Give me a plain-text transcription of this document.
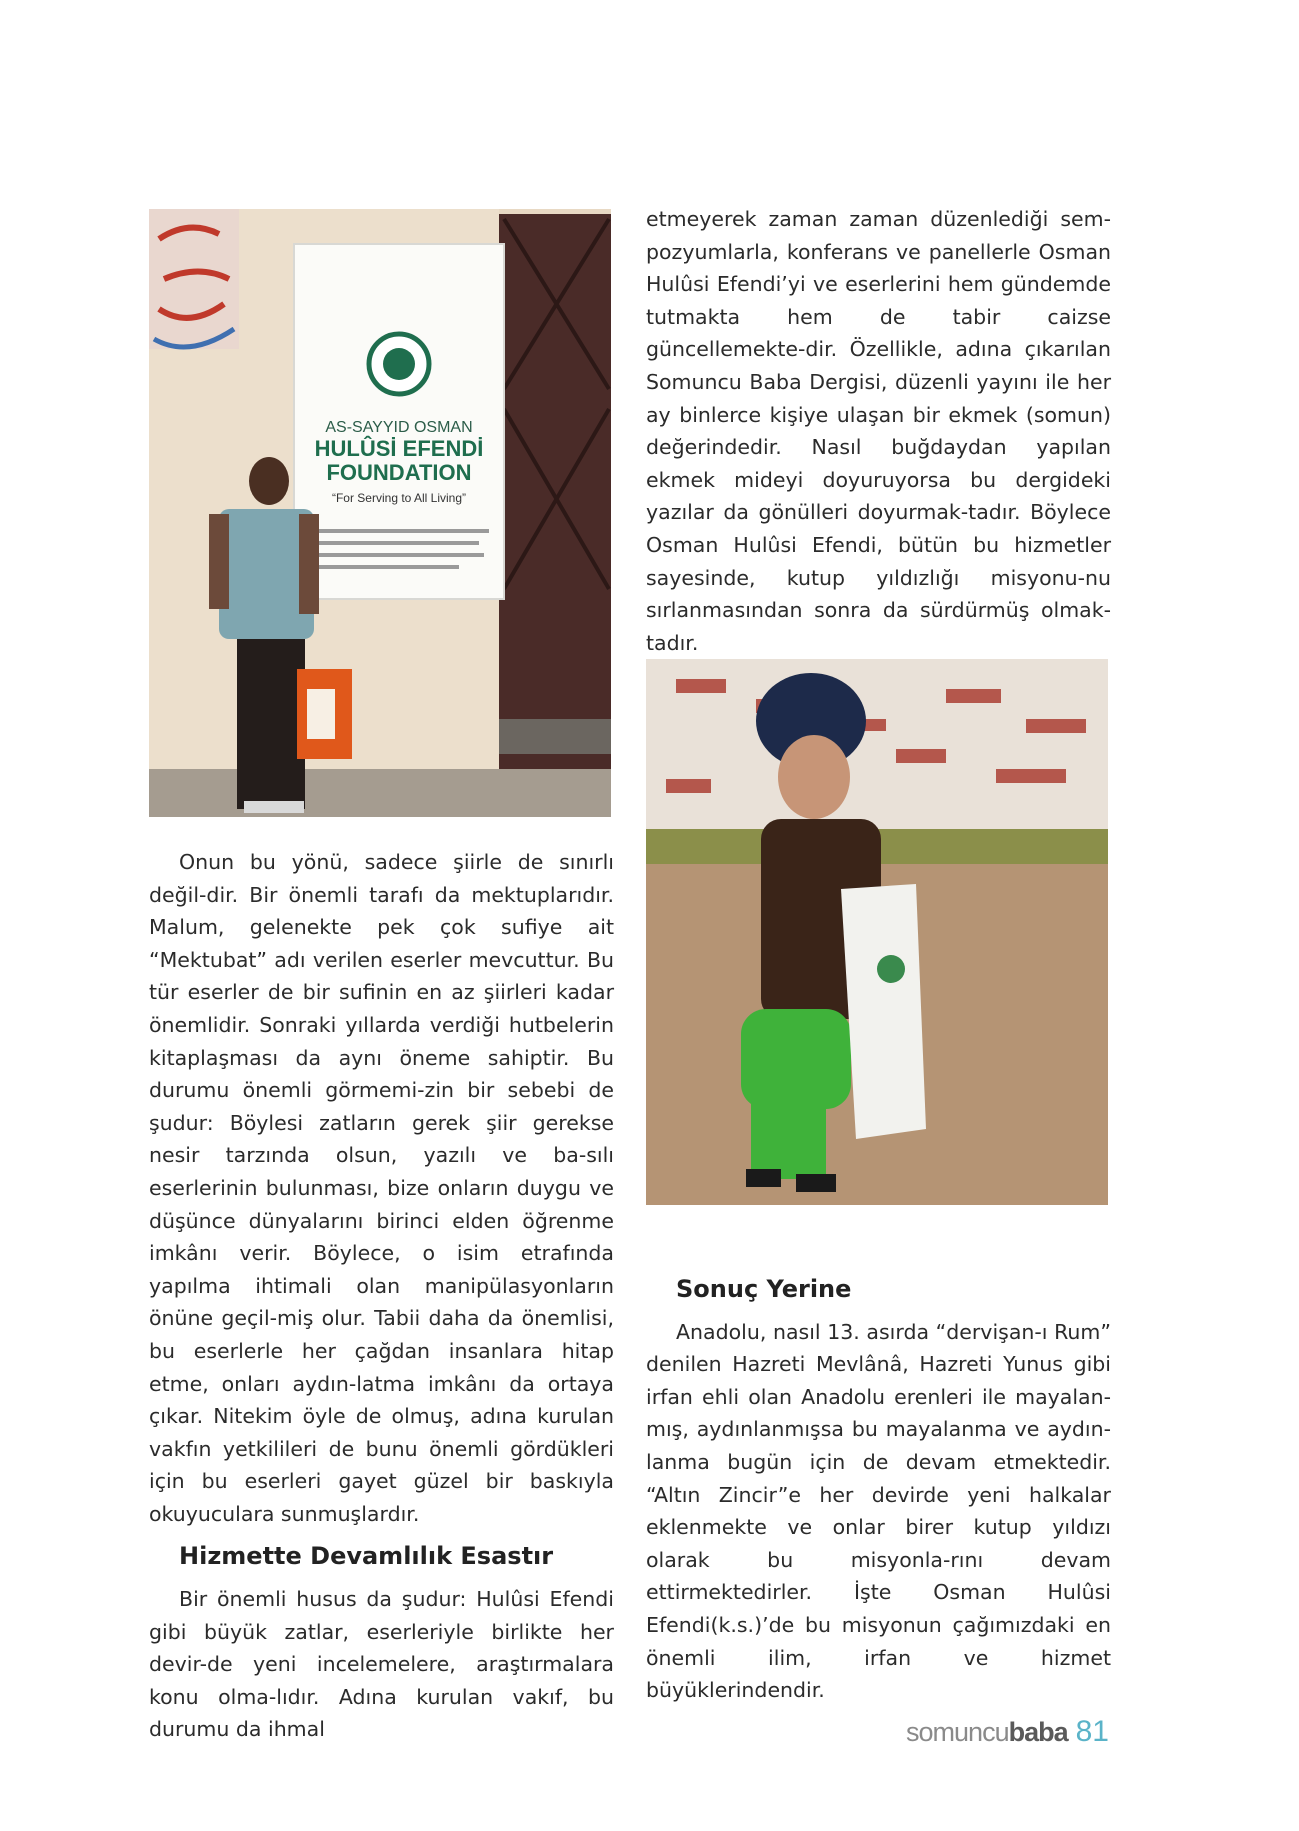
AS-SAYYID OSMAN
HULÛSİ EFENDİ
FOUNDATION
“For Serving to All Living”

etmeyerek zaman zaman düzenlediği sem-pozyumlarla, konferans ve panellerle Osman Hulûsi Efendi’yi ve eserlerini hem gündemde tutmakta hem de tabir caizse güncellemekte-dir. Özellikle, adına çıkarılan Somuncu Baba Dergisi, düzenli yayını ile her ay binlerce kişiye ulaşan bir ekmek (somun) değerindedir. Nasıl buğdaydan yapılan ekmek mideyi doyuruyorsa bu dergideki yazılar da gönülleri doyurmak-tadır. Böylece Osman Hulûsi Efendi, bütün bu hizmetler sayesinde, kutup yıldızlığı misyonu-nu sırlanmasından sonra da sürdürmüş olmak-tadır.

Onun bu yönü, sadece şiirle de sınırlı değil-dir. Bir önemli tarafı da mektuplarıdır. Malum, gelenekte pek çok sufiye ait “Mektubat” adı verilen eserler mevcuttur. Bu tür eserler de bir sufinin en az şiirleri kadar önemlidir. Sonraki yıllarda verdiği hutbelerin kitaplaşması da aynı öneme sahiptir. Bu durumu önemli görmemi-zin bir sebebi de şudur: Böylesi zatların gerek şiir gerekse nesir tarzında olsun, yazılı ve ba-sılı eserlerinin bulunması, bize onların duygu ve düşünce dünyalarını birinci elden öğrenme imkânı verir. Böylece, o isim etrafında yapılma ihtimali olan manipülasyonların önüne geçil-miş olur. Tabii daha da önemlisi, bu eserlerle her çağdan insanlara hitap etme, onları aydın-latma imkânı da ortaya çıkar. Nitekim öyle de olmuş, adına kurulan vakfın yetkilileri de bunu önemli gördükleri için bu eserleri gayet güzel bir baskıyla okuyuculara sunmuşlardır.

Hizmette Devamlılık Esastır

Bir önemli husus da şudur: Hulûsi Efendi gibi büyük zatlar, eserleriyle birlikte her devir-de yeni incelemelere, araştırmalara konu olma-lıdır. Adına kurulan vakıf, bu durumu da ihmal

Sonuç Yerine

Anadolu, nasıl 13. asırda “dervişan-ı Rum” denilen Hazreti Mevlânâ, Hazreti Yunus gibi irfan ehli olan Anadolu erenleri ile mayalan-mış, aydınlanmışsa bu mayalanma ve aydın-lanma bugün için de devam etmektedir. “Altın Zincir”e her devirde yeni halkalar eklenmekte ve onlar birer kutup yıldızı olarak bu misyonla-rını devam ettirmektedirler. İşte Osman Hulûsi Efendi(k.s.)’de bu misyonun çağımızdaki en önemli ilim, irfan ve hizmet büyüklerindendir.

somuncubaba 81
